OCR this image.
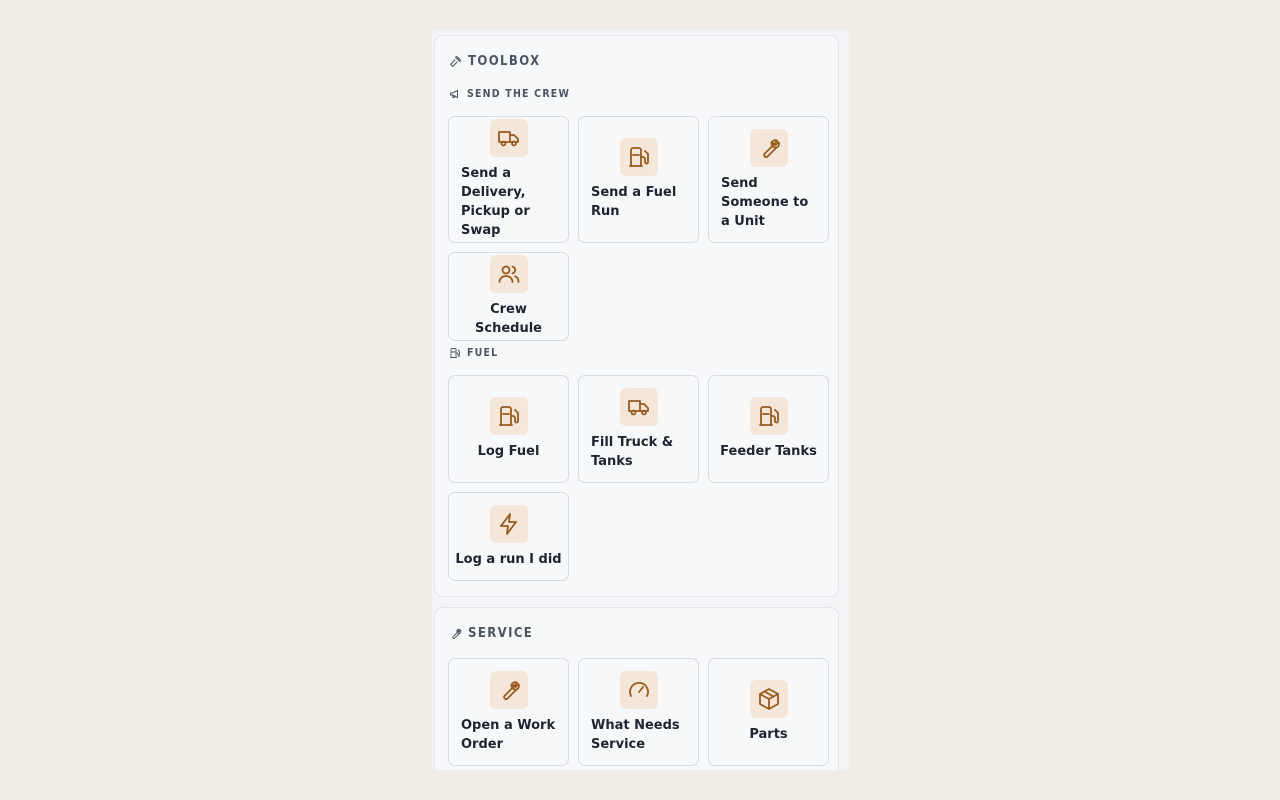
TOOLBOX
SEND THE CREW
Send a Delivery, Pickup or Swap
Send a Fuel Run
Send Someone to a Unit
Crew Schedule
FUEL
Log Fuel
Fill Truck & Tanks
Feeder Tanks
Log a run I did
SERVICE
Open a Work Order
What Needs Service
Parts
